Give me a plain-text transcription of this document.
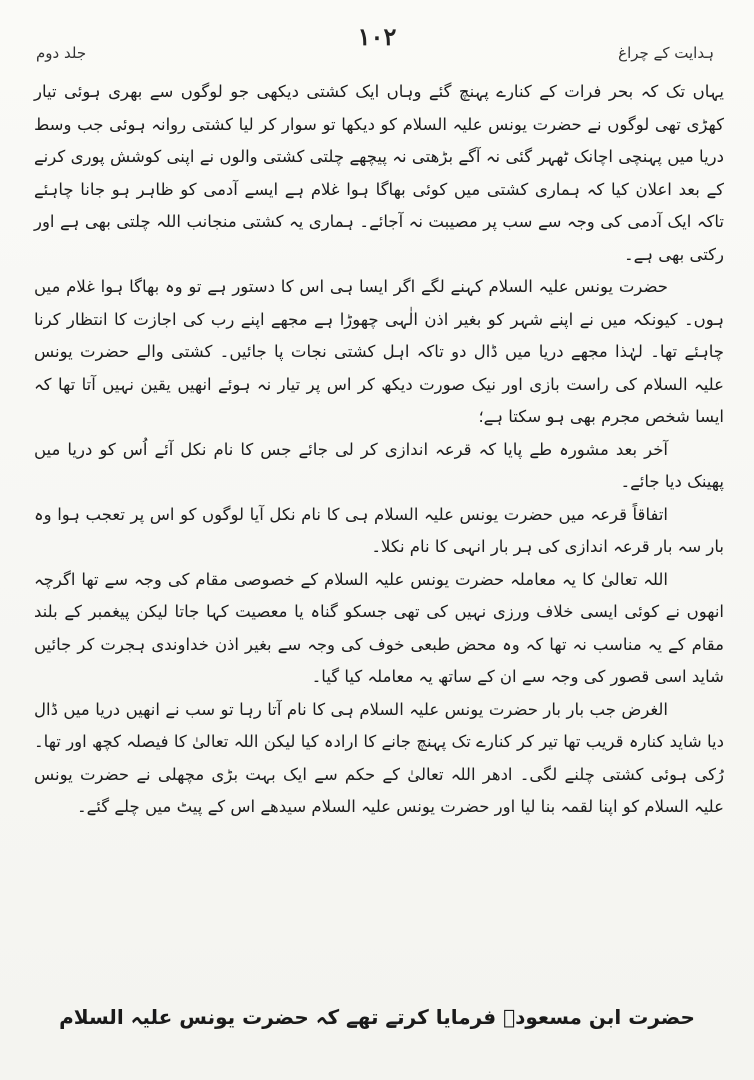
۱۰۲
ہدایت کے چراغ
جلد دوم

یہاں تک کہ بحر فرات کے کنارے پہنچ گئے وہاں ایک کشتی دیکھی جو لوگوں سے بھری ہوئی تیار کھڑی تھی لوگوں نے حضرت یونس علیہ السلام کو دیکھا تو سوار کر لیا کشتی روانہ ہوئی جب وسط دریا میں پہنچی اچانک ٹھہر گئی نہ آگے بڑھتی نہ پیچھے چلتی کشتی والوں نے اپنی کوشش پوری کرنے کے بعد اعلان کیا کہ ہماری کشتی میں کوئی بھاگا ہوا غلام ہے ایسے آدمی کو ظاہر ہو جانا چاہئے تاکہ ایک آدمی کی وجہ سے سب پر مصیبت نہ آجائے۔ ہماری یہ کشتی منجانب اللہ چلتی بھی ہے اور رکتی بھی ہے۔

حضرت یونس علیہ السلام کہنے لگے اگر ایسا ہی اس کا دستور ہے تو وہ بھاگا ہوا غلام میں ہوں۔ کیونکہ میں نے اپنے شہر کو بغیر اذن الٰہی چھوڑا ہے مجھے اپنے رب کی اجازت کا انتظار کرنا چاہئے تھا۔ لہٰذا مجھے دریا میں ڈال دو تاکہ اہل کشتی نجات پا جائیں۔ کشتی والے حضرت یونس علیہ السلام کی راست بازی اور نیک صورت دیکھ کر اس پر تیار نہ ہوئے انھیں یقین نہیں آتا تھا کہ ایسا شخص مجرم بھی ہو سکتا ہے؛

آخر بعد مشورہ طے پایا کہ قرعہ اندازی کر لی جائے جس کا نام نکل آئے اُس کو دریا میں پھینک دیا جائے۔

اتفاقاً قرعہ میں حضرت یونس علیہ السلام ہی کا نام نکل آیا لوگوں کو اس پر تعجب ہوا وہ بار سہ بار قرعہ اندازی کی ہر بار انہی کا نام نکلا۔

اللہ تعالیٰ کا یہ معاملہ حضرت یونس علیہ السلام کے خصوصی مقام کی وجہ سے تھا اگرچہ انھوں نے کوئی ایسی خلاف ورزی نہیں کی تھی جسکو گناہ یا معصیت کہا جاتا لیکن پیغمبر کے بلند مقام کے یہ مناسب نہ تھا کہ وہ محض طبعی خوف کی وجہ سے بغیر اذن خداوندی ہجرت کر جائیں شاید اسی قصور کی وجہ سے ان کے ساتھ یہ معاملہ کیا گیا۔

الغرض جب بار بار حضرت یونس علیہ السلام ہی کا نام آتا رہا تو سب نے انھیں دریا میں ڈال دیا شاید کنارہ قریب تھا تیر کر کنارے تک پہنچ جانے کا ارادہ کیا لیکن اللہ تعالیٰ کا فیصلہ کچھ اور تھا۔ رُکی ہوئی کشتی چلنے لگی۔ ادھر اللہ تعالیٰ کے حکم سے ایک بہت بڑی مچھلی نے حضرت یونس علیہ السلام کو اپنا لقمہ بنا لیا اور حضرت یونس علیہ السلام سیدھے اس کے پیٹ میں چلے گئے۔

حضرت ابن مسعودؓ فرمایا کرتے تھے کہ حضرت یونس علیہ السلام
